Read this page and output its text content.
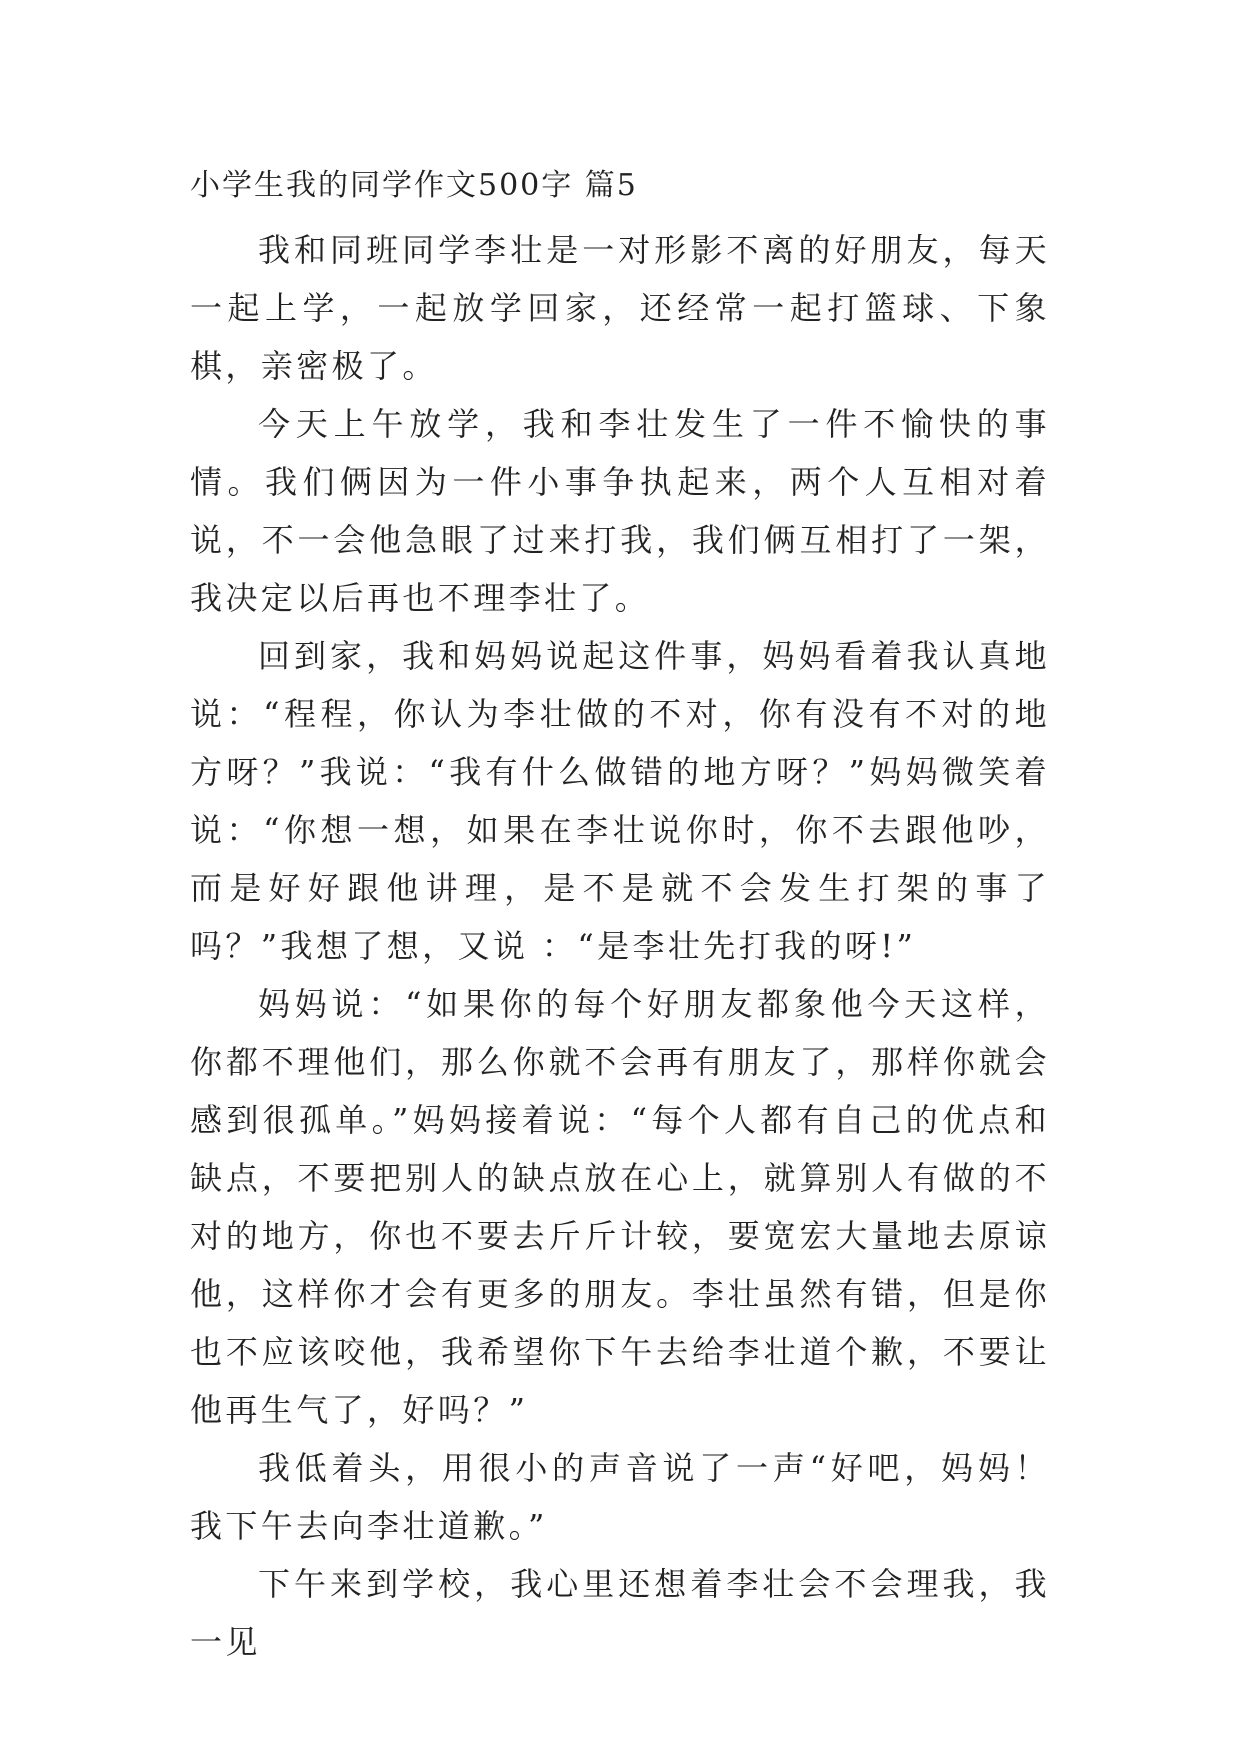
小学生我的同学作文500字 篇5

我和同班同学李壮是一对形影不离的好朋友，每天一起上学，一起放学回家，还经常一起打篮球、下象棋，亲密极了。

今天上午放学，我和李壮发生了一件不愉快的事情。我们俩因为一件小事争执起来，两个人互相对着说，不一会他急眼了过来打我，我们俩互相打了一架，我决定以后再也不理李壮了。

回到家，我和妈妈说起这件事，妈妈看着我认真地说：“程程，你认为李壮做的不对，你有没有不对的地方呀？”我说：“我有什么做错的地方呀？”妈妈微笑着说：“你想一想，如果在李壮说你时，你不去跟他吵，而是好好跟他讲理，是不是就不会发生打架的事了吗？”我想了想，又说 ：“是李壮先打我的呀!”

妈妈说：“如果你的每个好朋友都象他今天这样，你都不理他们，那么你就不会再有朋友了，那样你就会感到很孤单。”妈妈接着说：“每个人都有自己的优点和缺点，不要把别人的缺点放在心上，就算别人有做的不对的地方，你也不要去斤斤计较，要宽宏大量地去原谅他，这样你才会有更多的朋友。李壮虽然有错，但是你也不应该咬他，我希望你下午去给李壮道个歉，不要让他再生气了，好吗？”

我低着头，用很小的声音说了一声“好吧，妈妈！我下午去向李壮道歉。”

下午来到学校，我心里还想着李壮会不会理我，我一见
